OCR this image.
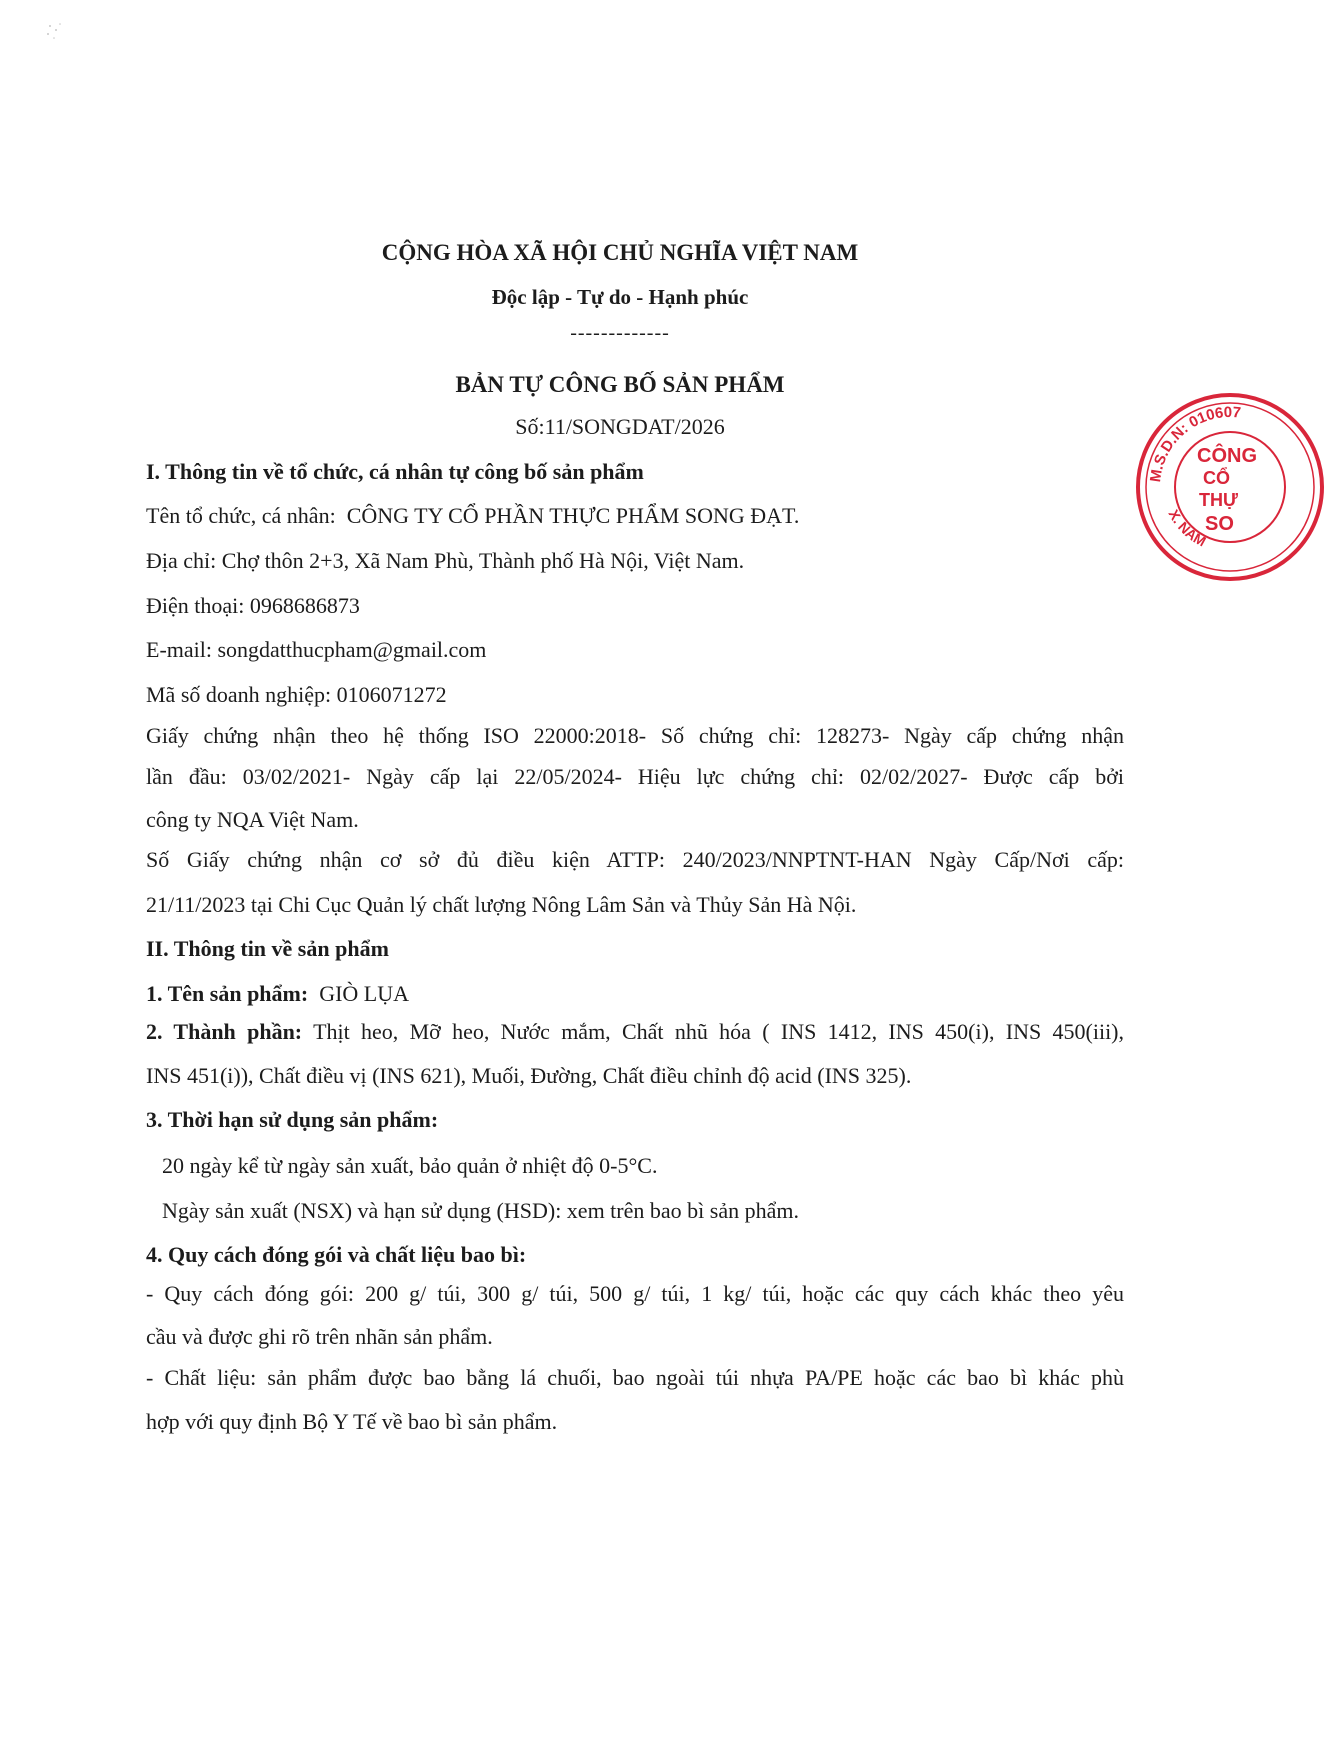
CỘNG HÒA XÃ HỘI CHỦ NGHĨA VIỆT NAM
Độc lập - Tự do - Hạnh phúc
-------------
BẢN TỰ CÔNG BỐ SẢN PHẨM
Số:11/SONGDAT/2026
I. Thông tin về tổ chức, cá nhân tự công bố sản phẩm
Tên tổ chức, cá nhân: CÔNG TY CỔ PHẦN THỰC PHẨM SONG ĐẠT.
Địa chỉ: Chợ thôn 2+3, Xã Nam Phù, Thành phố Hà Nội, Việt Nam.
Điện thoại: 0968686873
E-mail: songdatthucpham@gmail.com
Mã số doanh nghiệp: 0106071272
Giấy chứng nhận theo hệ thống ISO 22000:2018- Số chứng chỉ: 128273- Ngày cấp chứng nhận
lần đầu: 03/02/2021- Ngày cấp lại 22/05/2024- Hiệu lực chứng chỉ: 02/02/2027- Được cấp bởi
công ty NQA Việt Nam.
Số Giấy chứng nhận cơ sở đủ điều kiện ATTP: 240/2023/NNPTNT-HAN Ngày Cấp/Nơi cấp:
21/11/2023 tại Chi Cục Quản lý chất lượng Nông Lâm Sản và Thủy Sản Hà Nội.
II. Thông tin về sản phẩm
1. Tên sản phẩm: GIÒ LỤA
2. Thành phần: Thịt heo, Mỡ heo, Nước mắm, Chất nhũ hóa ( INS 1412, INS 450(i), INS 450(iii),
INS 451(i)), Chất điều vị (INS 621), Muối, Đường, Chất điều chỉnh độ acid (INS 325).
3. Thời hạn sử dụng sản phẩm:
20 ngày kể từ ngày sản xuất, bảo quản ở nhiệt độ 0-5°C.
Ngày sản xuất (NSX) và hạn sử dụng (HSD): xem trên bao bì sản phẩm.
4. Quy cách đóng gói và chất liệu bao bì:
- Quy cách đóng gói: 200 g/ túi, 300 g/ túi, 500 g/ túi, 1 kg/ túi, hoặc các quy cách khác theo yêu
cầu và được ghi rõ trên nhãn sản phẩm.
- Chất liệu: sản phẩm được bao bằng lá chuối, bao ngoài túi nhựa PA/PE hoặc các bao bì khác phù
hợp với quy định Bộ Y Tế về bao bì sản phẩm.
M.S.D.N: 010607
X. NAM
CÔNG
CỔ
THỰ
SO
